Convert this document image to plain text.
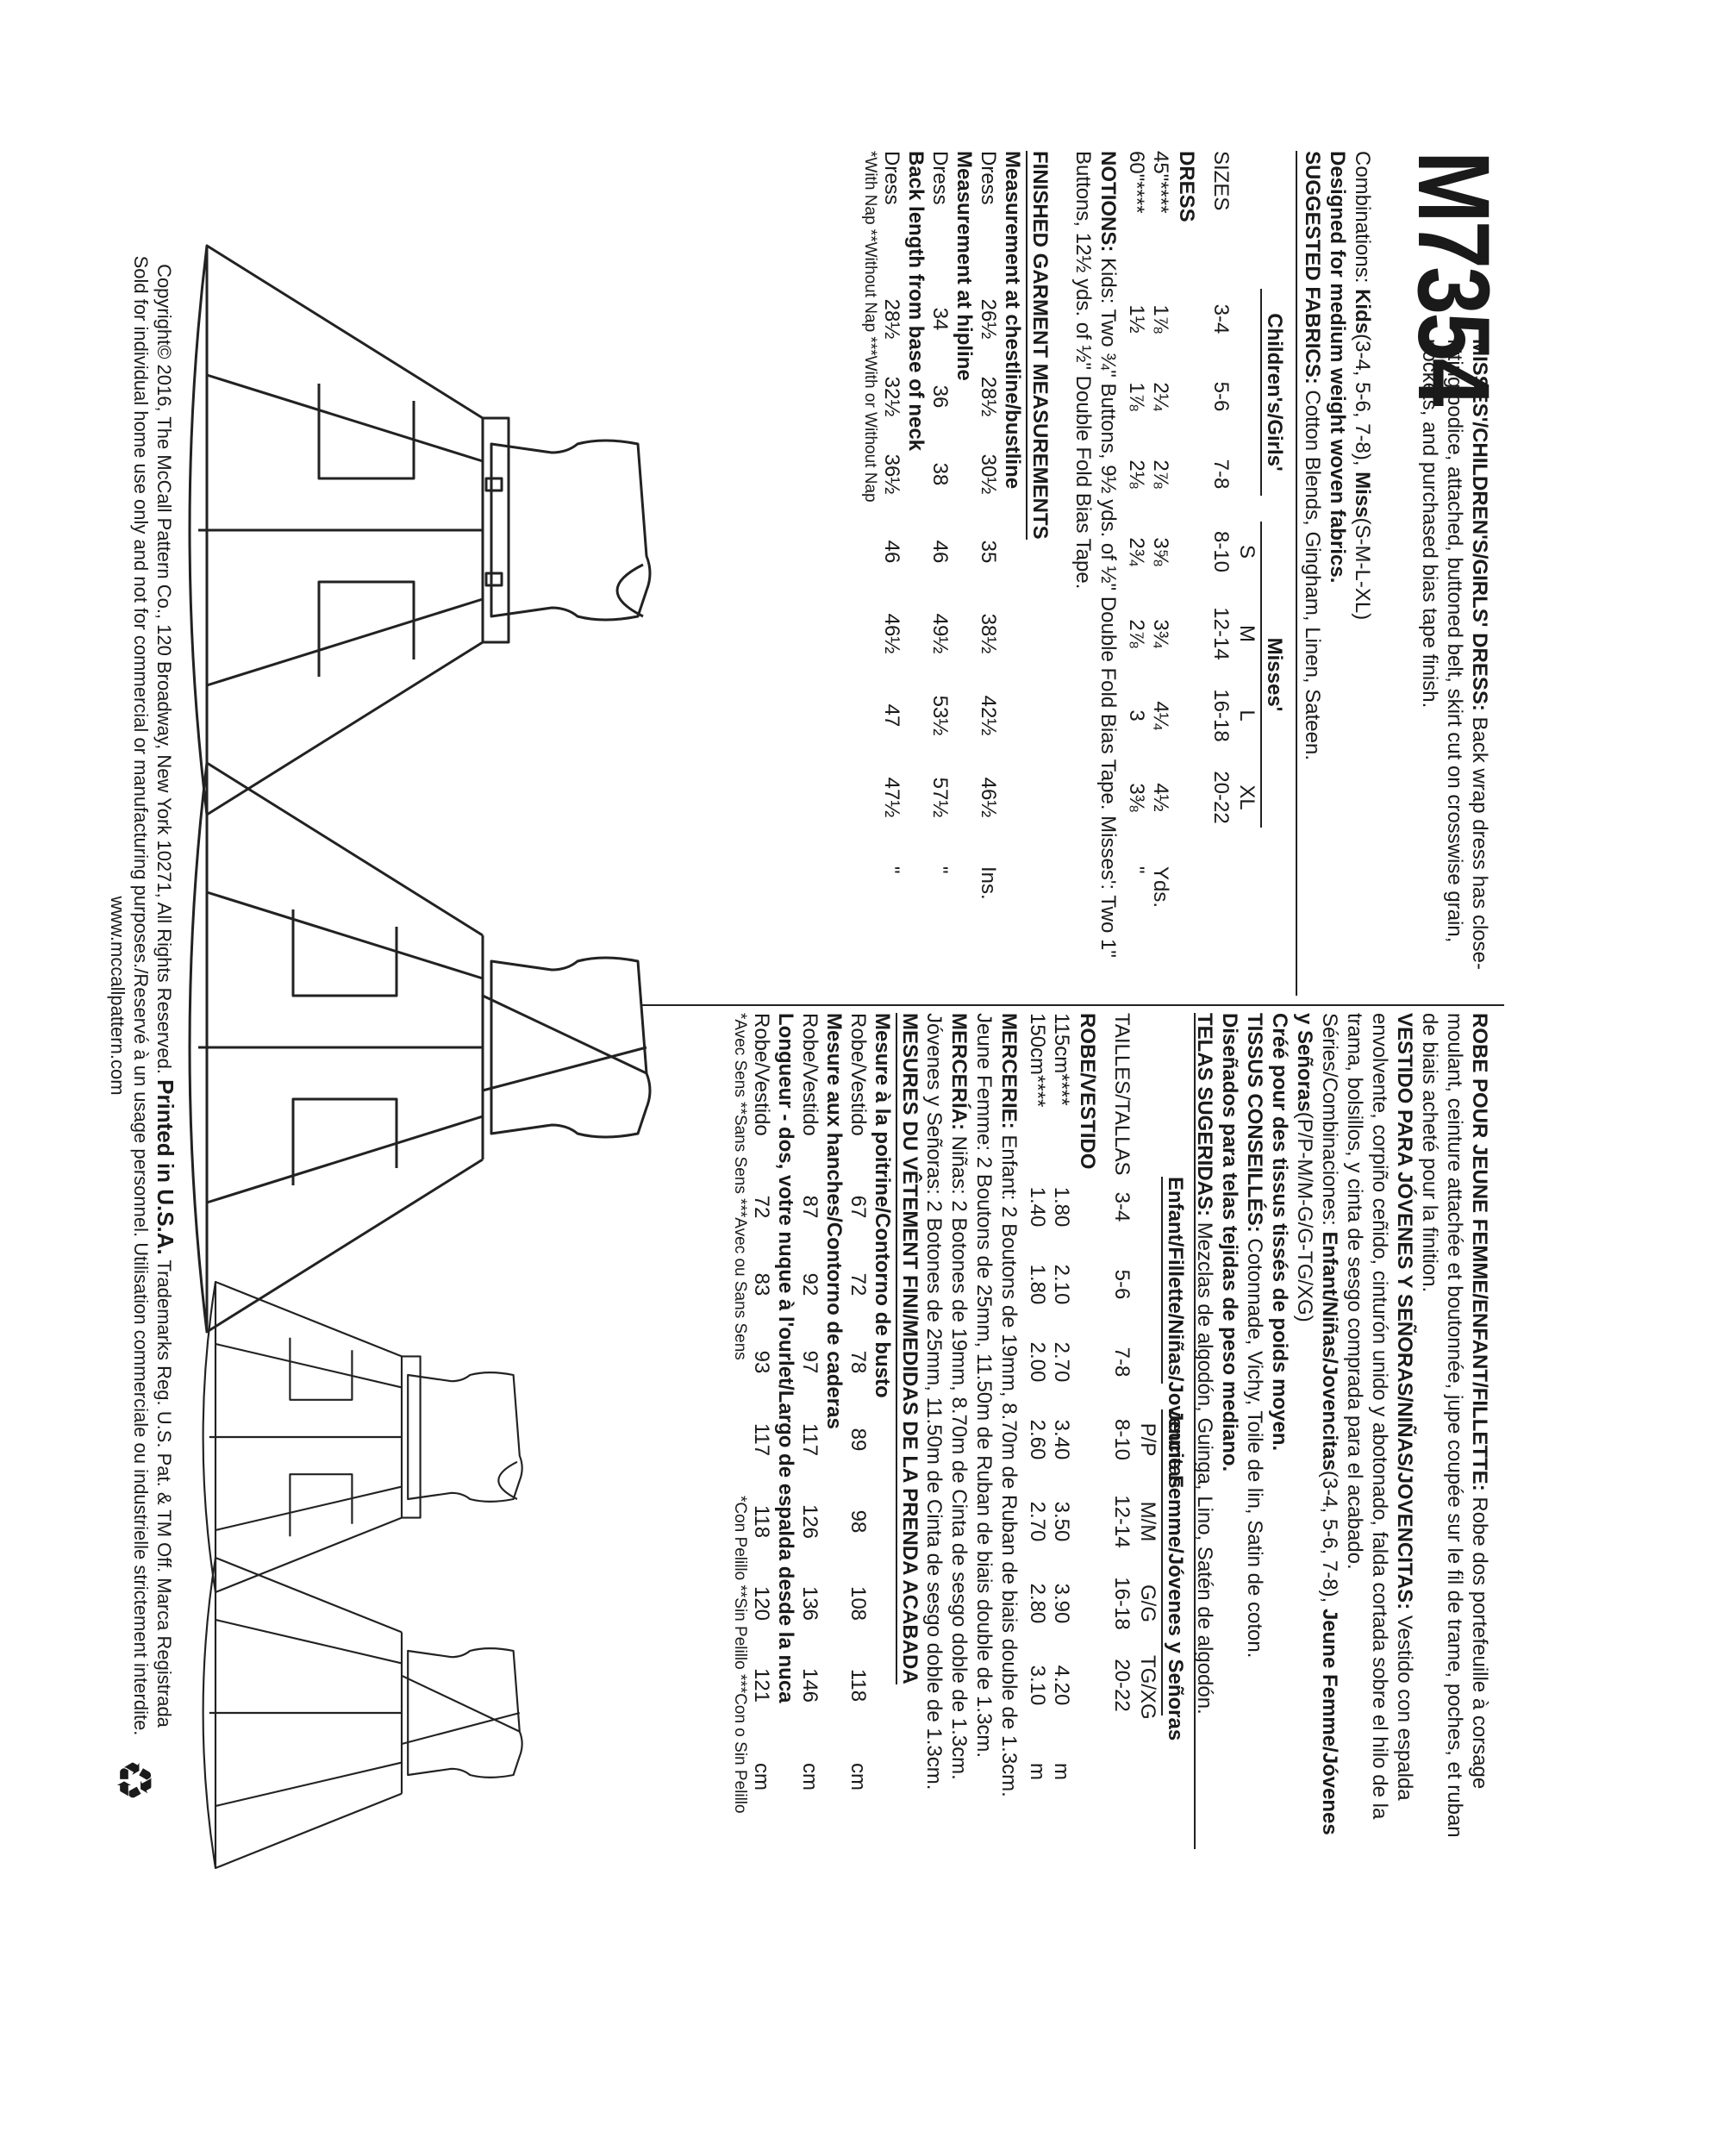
M7354
MISSES'/CHILDREN'S/GIRLS' DRESS: Back wrap dress has close-fitting bodice, attached, buttoned belt, skirt cut on crosswise grain, pockets, and purchased bias tape finish.
Combinations: Kids(3-4, 5-6, 7-8), Miss(S-M-L-XL)
Designed for medium weight woven fabrics.
SUGGESTED FABRICS: Cotton Blends, Gingham, Linen, Sateen.
Children's/Girls'
Misses'
S
M
L
XL
SIZES
3-4
5-6
7-8
8-10
12-14
16-18
20-22
DRESS
45"****
1⅞
2¼
2⅞
3⅝
3¾
4¼
4½
Yds.
60"****
1½
1⅞
2⅛
2¾
2⅞
3
3⅜
"
NOTIONS: Kids: Two ¾" Buttons, 9½ yds. of ½" Double Fold Bias Tape. Misses': Two 1" Buttons, 12½ yds. of ½" Double Fold Bias Tape.
FINISHED GARMENT MEASUREMENTS
Measurement at chestline/bustline
Dress
26½
28½
30½
35
38½
42½
46½
Ins.
Measurement at hipline
Dress
34
36
38
46
49½
53½
57½
"
Back length from base of neck
Dress
28½
32½
36½
46
46½
47
47½
"
*With Nap **Without Nap ***With or Without Nap
ROBE POUR JEUNE FEMME/ENFANT/FILLETTE: Robe dos portefeuille à corsage moulant, ceinture attachée et boutonnée, jupe coupée sur le fil de trame, poches, et ruban de biais acheté pour la finition.
VESTIDO PARA JÓVENES Y SEÑORAS/NIÑAS/JOVENCITAS: Vestido con espalda envolvente, corpiño ceñido, cinturón unido y abotonado, falda cortada sobre el hilo de la trama, bolsillos, y cinta de sesgo comprada para el acabado.
Séries/Combinaciones: Enfant/Niñas/Jovencitas(3-4, 5-6, 7-8), Jeune Femme/Jóvenes y Señoras(P/P-M/M-G/G-TG/XG)
Créé pour des tissus tissés de poids moyen.
TISSUS CONSEILLÉS: Cotonnade, Vichy, Toile de lin, Satin de coton.
Diseñados para telas tejidas de peso mediano.
TELAS SUGERIDAS: Mezclas de algodón, Guinga, Lino, Satén de algodón.
Enfant/Fillette/Niñas/Jovencitas
Jeune Femme/Jóvenes y Señoras
P/P
M/M
G/G
TG/XG
TAILLES/TALLAS
3-4
5-6
7-8
8-10
12-14
16-18
20-22
ROBE/VESTIDO
115cm****
1.80
2.10
2.70
3.40
3.50
3.90
4.20
m
150cm****
1.40
1.80
2.00
2.60
2.70
2.80
3.10
m
MERCERIE: Enfant: 2 Boutons de 19mm, 8.70m de Ruban de biais double de 1.3cm. Jeune Femme: 2 Boutons de 25mm, 11.50m de Ruban de biais double de 1.3cm.
MERCERÍA: Niñas: 2 Botones de 19mm, 8.70m de Cinta de sesgo doble de 1.3cm. Jóvenes y Señoras: 2 Botones de 25mm, 11.50m de Cinta de sesgo doble de 1.3cm.
MESURES DU VÊTEMENT FINI/MEDIDAS DE LA PRENDA ACABADA
Mesure à la poitrine/Contorno de busto
Robe/Vestido
67
72
78
89
98
108
118
cm
Mesure aux hanches/Contorno de caderas
Robe/Vestido
87
92
97
117
126
136
146
cm
Longueur - dos, votre nuque à l'ourlet/Largo de espalda desde la nuca
Robe/Vestido
72
83
93
117
118
120
121
cm
*Avec Sens **Sans Sens ***Avec ou Sans Sens
*Con Pelillo **Sin Pelillo ***Con o Sin Pelillo
Copyright© 2016, The McCall Pattern Co., 120 Broadway, New York 10271, All Rights Reserved. Printed in U.S.A. Trademarks Reg. U.S. Pat. & TM Off. Marca Registrada
Sold for individual home use only and not for commercial or manufacturing purposes./Reservé à un usage personnel. Utilisation commerciale ou industrielle strictement interdite.
www.mccallpattern.com
♻
